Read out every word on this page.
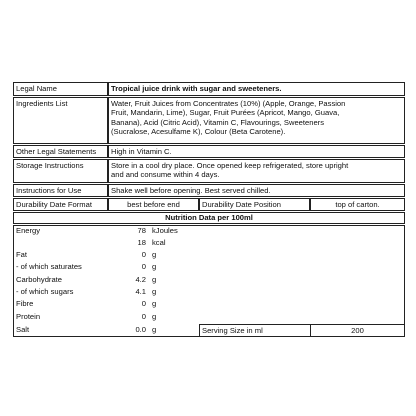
Legal Name	Tropical juice drink with sugar and sweeteners.
Ingredients List	Water, Fruit Juices from Concentrates (10%) (Apple, Orange, Passion
Fruit, Mandarin, Lime), Sugar, Fruit Purées (Apricot, Mango, Guava,
Banana), Acid (Citric Acid), Vitamin C, Flavourings, Sweeteners
(Sucralose, Acesulfame K), Colour (Beta Carotene).
Other Legal Statements	High in Vitamin C.
Storage Instructions	Store in a cool dry place. Once opened keep refrigerated, store upright
and and consume within 4 days.
Instructions for Use	Shake well before opening. Best served chilled.
Durability Date Format	best before end	Durability Date Position	top of carton.
Nutrition Data per 100ml
Energy	78 kJoules
18 kcal
Fat	0 g
- of which saturates	0 g
Carbohydrate	4.2 g
- of which sugars	4.1 g
Fibre	0 g
Protein	0 g
Salt	0.0 g	Serving Size in ml	200
